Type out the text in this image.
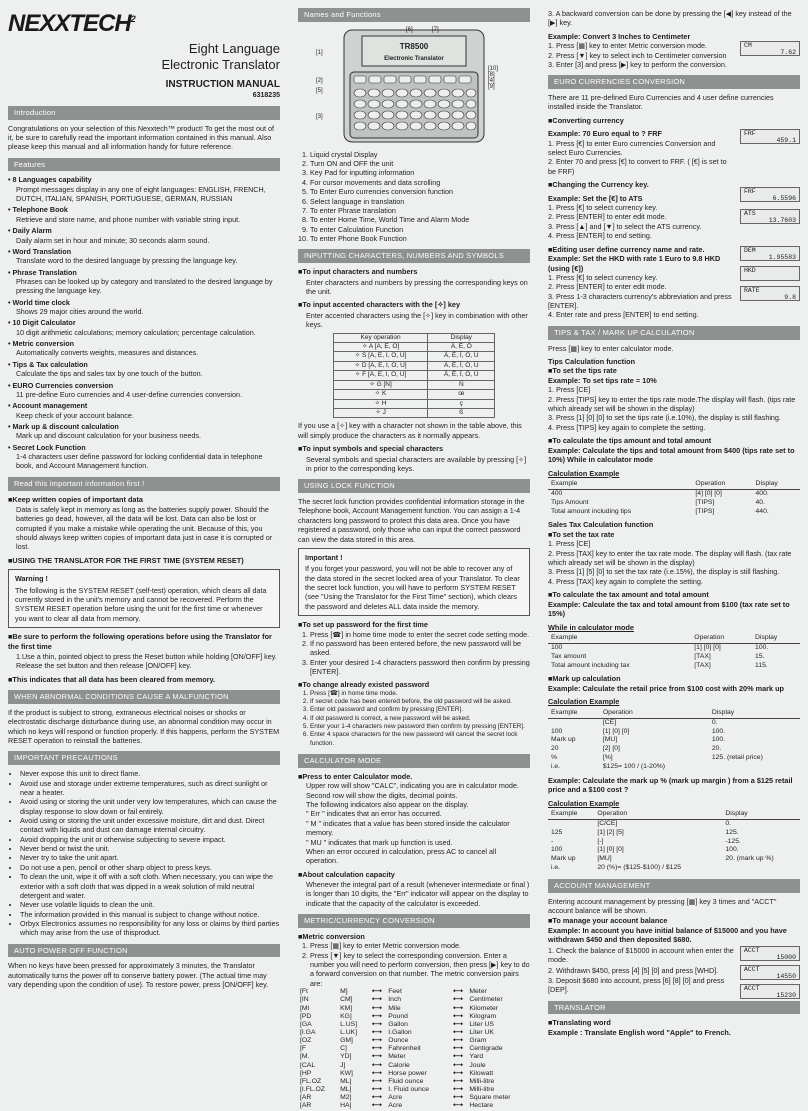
NEXXTECH$^2$
Eight Language
Electronic Translator
INSTRUCTION MANUAL
6318235
Introduction
Congratulations on your selection of this Nexxtech™ product! To get the most out of it, be sure to carefully read the important information contained in this manual. Also please keep this manual and all information handy for future reference.
Features
• 8 Languages capability
Prompt messages display in any one of eight languages: ENGLISH, FRENCH, DUTCH, ITALIAN, SPANISH, PORTUGUESE, GERMAN, RUSSIAN
• Telephone Book
Retrieve and store name, and phone number with variable string input.
• Daily Alarm
Daily alarm set in hour and minute; 30 seconds alarm sound.
• Word Translation
Translate word to the desired language by pressing the language key.
• Phrase Translation
Phrases can be looked up by category and translated to the desired language by pressing the language key.
• World time clock
Shows 29 major cities around the world.
• 10 Digit Calculator
10 digit arithmetic calculations; memory calculation; percentage calculation.
• Metric conversion
Automatically converts weights, measures and distances.
• Tips & Tax calculation
Calculate the tips and sales tax by one touch of the button.
• EURO Currencies conversion
11 pre-define Euro currencies and 4 user-define currencies conversion.
• Account management
Keep check of your account balance.
• Mark up & discount calculation
Mark up and discount calculation for your business needs.
• Secret Lock Function
1-4 characters user define password for locking confidential data in telephone book, and Account Management function.
Read this important information first !
■Keep written copies of important data
Data is safely kept in memory as long as the batteries supply power. Should the batteries go dead, however, all the data will be lost. Data can also be lost or corrupted if you make a mistake while operating the unit. Because of this, you should always keep written copies of important data just in case it is corrupted or lost.
■USING THE TRANSLATOR FOR THE FIRST TIME (SYSTEM RESET)
Warning !
The following is the SYSTEM RESET (self-test) operation, which clears all data currently stored in the unit's memory and cannot be recovered. Perform the SYSTEM RESET operation before using the unit for the first time or whenever you want to clear all data from memory.
■Be sure to perform the following operations before using the Translator for the first time
1.Use a thin, pointed object to press the Reset button while holding [ON/OFF] key. Release the set button and then release [ON/OFF] key.
■This indicates that all data has been cleared from memory.
WHEN ABNORMAL CONDITIONS CAUSE A MALFUNCTION
If the product is subject to strong, extraneous electrical noises or shocks or electrostatic discharge disturbance during use, an abnormal condition may occur in which no keys will respond or function properly. If this happens, perform the SYSTEM RESET operation to reinstall the batteries.
IMPORTANT PRECAUTIONS
• Never expose this unit to direct flame.
• Avoid use and storage under extreme temperatures, such as direct sunlight or near a heater.
• Avoid using or storing the unit under very low temperatures, which can cause the display response to slow down or fail entirely.
• Avoid using or storing the unit under excessive moisture, dirt and dust. Direct contact with liquids and dust can damage internal circuitry.
• Avoid dropping the unit or otherwise subjecting to severe impact.
• Never bend or twist the unit.
• Never try to take the unit apart.
• Do not use a pen, pencil or other sharp object to press keys.
• To clean the unit, wipe it off with a soft cloth. When necessary, you can wipe the exterior with a soft cloth that was dipped in a weak solution of mild neutral detergent and water.
• Never use volatile liquids to clean the unit.
• The information provided in this manual is subject to change without notice.
• Orbyx Electronics assumes no responsibility for any loss or claims by third parties which may arise from the use of thisproduct.
AUTO POWER OFF FUNCTION
When no keys have been pressed for approximately 3 minutes, the Translator automatically turns the power off to conserve battery power. (The actual time may vary depending upon the condition of use). To restore power, press [ON/OFF] key.
Names and Functions
TR8500
Electronic Translator
[1]
[2]
[3]
[5]
[6]	[7]
[8]
[9]
[10]
[4]
1. Liquid crystal Display
2. Turn ON and OFF the unit
3. Key Pad for inputting information
4. For cursor movements and data scrolling
5. To Enter Euro currencies conversion function
6. Select language in translation
7. To enter Phrase translation
8. To enter Home Time, World Time and Alarm Mode
9. To enter Calculation Function
10. To enter Phone Book Function
INPUTTING CHARACTERS, NUMBERS AND SYMBOLS
■To input characters and numbers
Enter characters and numbers by pressing the corresponding keys on the unit.
■To input accented characters with the [✧] key
Enter accented characters using the [✧] key in combination with other keys.
Key operation	Display
✧ A [A, E, O]	Ä, Ë, Ö
✧ S [A, E, I, O, U]	Á, É, Í, Ó, Ú
✧ D [A, E, I, O, U]	À, È, Ì, Ò, Ù
✧ F [A, E, I, O, U]	Â, Ê, Î, Ô, Û
✧ G [N]	Ñ
✧ K	œ
✧ H	ç
✧ J	ß
If you use a [✧] key with a character not shown in the table above, this will simply produce the characters as it normally appears.
■To input symbols and special characters
Several symbols and special characters are available by pressing [✧] in prior to the corresponding keys.
USING LOCK FUNCTION
The secret lock function provides confidential information storage in the Telephone book, Account Management function. You can assign a 1-4 characters long password to protect this data area. Once you have registered a password, only those who can input the correct password can view the data stored in this area.
Important !
If you forget your password, you will not be able to recover any of the data stored in the secret locked area of your Translator. To clear the secret lock function, you will have to perform SYSTEM RESET (see "Using the Translator for the First Time" section), which clears the password and deletes ALL data inside the memory.
■To set up password for the first time
1. Press [☎] in home time mode to enter the secret code setting mode.
2. If no password has been entered before, the new password will be asked.
3. Enter your desired 1-4 characters password then confirm by pressing [ENTER].
■To change already existed password
1. Press [☎] in home time mode.
2. If secret code has been entered before, the old password will be asked.
3. Enter old password and confirm by pressing [ENTER].
4. If old password is correct, a new password will be asked.
5. Enter your 1-4 characters new password then confirm by pressing [ENTER].
6. Enter 4 space characters for the new password will cancel the secret lock function.
CALCULATOR MODE
■Press to enter Calculator mode.
Upper row will show "CALC", indicating you are in calculator mode.
Second row will show the digits, decimal points.
The following indicators also appear on the display.
" Err " indicates that an error has occurred.
" M " indicates that a value has been stored inside the calculator memory.
" MU " indicates that mark up function is used.
When an error occured in calculation, press AC to cancel all operation.
■About calculation capacity
Whenever the integral part of a result (whenever intermediate or final ) is longer than 10 digits, the "Err" indicator will appear on the display to indicate that the capacity of the calculator is exceeded.
METRIC/CURRENCY CONVERSION
■Metric conversion
1. Press [▦] key to enter Metric conversion mode.
2. Press [▼] key to select the corresponding conversion. Enter a number you will need to perform conversion, then press [▶] key to do a forward conversion on that number. The metric conversion pairs are:
[Ft	M]	⟷	Feet	⟷	Meter
[IN	CM]	⟷	Inch	⟷	Centimeter
[MI	KM]	⟷	Mile	⟷	Kilometer
[PD	KG]	⟷	Pound	⟷	Kilogram
[GA	L.US]	⟷	Gallon	⟷	Liter US
[I.GA	L.UK]	⟷	I.Gallon	⟷	Liter UK
[OZ	GM]	⟷	Ounce	⟷	Gram
[F	C]	⟷	Fahrenheit	⟷	Centigrade
[M.	YD]	⟷	Meter	⟷	Yard
[CAL	J]	⟷	Calorie	⟷	Joule
[HP	KW]	⟷	Horse power	⟷	Kilowatt
[FL.OZ	ML]	⟷	Fluid ounce	⟷	Milli-litre
[I.FL.OZ	ML]	⟷	I. Fluid ounce	⟷	Milli-litre
[AR	M2]	⟷	Acre	⟷	Square meter
[AR	HA]	⟷	Acre	⟷	Hectare
3. A backward conversion can be done by pressing the [◀] key instead of the [▶] key.
Example: Convert 3 Inches to Centimeter
1. Press [▦] key to enter Metric conversion mode.
2. Press [▼] key to select inch to Centimeter conversion
3. Enter [3] and press [▶] key to perform the conversion.
CM
7.62
EURO CURRENCIES CONVERSION
There are 11 pre-defined Euro Currencies and 4 user define currencies installed inside the Translator.
■Converting currency
Example: 70 Euro equal to ? FRF
1. Press [€] to enter Euro currencies Conversion and select Euro Currencies.
2. Enter 70 and press [€] to convert to FRF. ( [€] is set to be FRF)
FRF
459.1
■Changing the Currency key.
Example: Set the [€] to ATS
1. Press [€] to select currency key.
2. Press [ENTER] to enter edit mode.
3. Press [▲] and [▼] to select the ATS currency.
4. Press [ENTER] to end setting.
FRF
6.5596
ATS
13.7603
■Editing user define currency name and rate.
Example: Set the HKD with rate 1 Euro to 9.8 HKD (using [€])
1. Press [€] to select currency key.
2. Press [ENTER] to enter edit mode.
3. Press 1-3 characters currency's abbreviation and press [ENTER].
4. Enter rate and press [ENTER] to end setting.
DEM
1.95583
HKD
RATE
9.8
TIPS & TAX / MARK UP CALCULATION
Press [▦] key to enter calculator mode.
Tips Calculation function
■To set the tips rate
Example: To set tips rate = 10%
1. Press [CE]
2. Press [TIPS] key to enter the tips rate mode.The display will flash. (tips rate which already set will be shown in the display)
3. Press [1] [0] [0] to set the tips rate (i.e.10%), the display is still flashing.
4. Press [TIPS] key again to complete the setting.
■To calculate the tips amount and total amount
Example: Calculate the tips and total amount from $400 (tips rate set to 10%) While in calculator mode
Calculation Example
Example	Operation	Display
400	[4] [0] [0]	400.
Tips Amount	[TIPS]	40.
Total amount including tips	[TIPS]	440.
Sales Tax Calculation function
■To set the tax rate
1. Press [CE]
2. Press [TAX] key to enter the tax rate mode. The display will flash. (tax rate which already set will be shown in the display)
3. Press [1] [5] [0] to set the tax rate (i.e.15%), the display is still flashing.
4. Press [TAX] key again to complete the setting.
■To calculate the tax amount and total amount
Example: Calculate the tax and total amount from $100 (tax rate set to 15%)
While in calculator mode
Example	Operation	Display
100	[1] [0] [0]	100.
Tax amount	[TAX]	15.
Total amount including tax	[TAX]	115.
■Mark up calculation
Example: Calculate the retail price from $100 cost with 20% mark up
Calculation Example
Example	Operation	Display
	[CE]	0.
100	[1] [0] [0]	100.
Mark up	[MU]	100.
20	[2] [0]	20.
%	[%]	125. (retail price)
i.e.	$125= 100 / (1-20%)	
Example: Calculate the mark up % (mark up margin ) from a $125 retail price and a $100 cost ?
Calculation Example
Example	Operation	Display
	[C/CE]	0.
125	[1] [2] [5]	125.
-	[-]	-125.
100	[1] [0] [0]	100.
Mark up	[MU]	20. (mark up %)
i.e.	20 (%)= ($125-$100) / $125	
ACCOUNT MANAGEMENT
Entering account management by pressing [▦] key 3 times and "ACCT" account balance will be shown.
■To manage your account balance
Example: In account you have initial balance of $15000 and you have withdrawn $450 and then deposited $680.
1. Check the balance of $15000 in account when enter the mode.
2. Withdrawn $450, press [4] [5] [0] and press [WHD].
3. Deposit $680 into account, press [6] [8] [0] and press [DEP].
ACCT
15000
ACCT
14550
ACCT
15230
TRANSLATOR
■Translating word
Example : Translate English word "Apple" to French.
